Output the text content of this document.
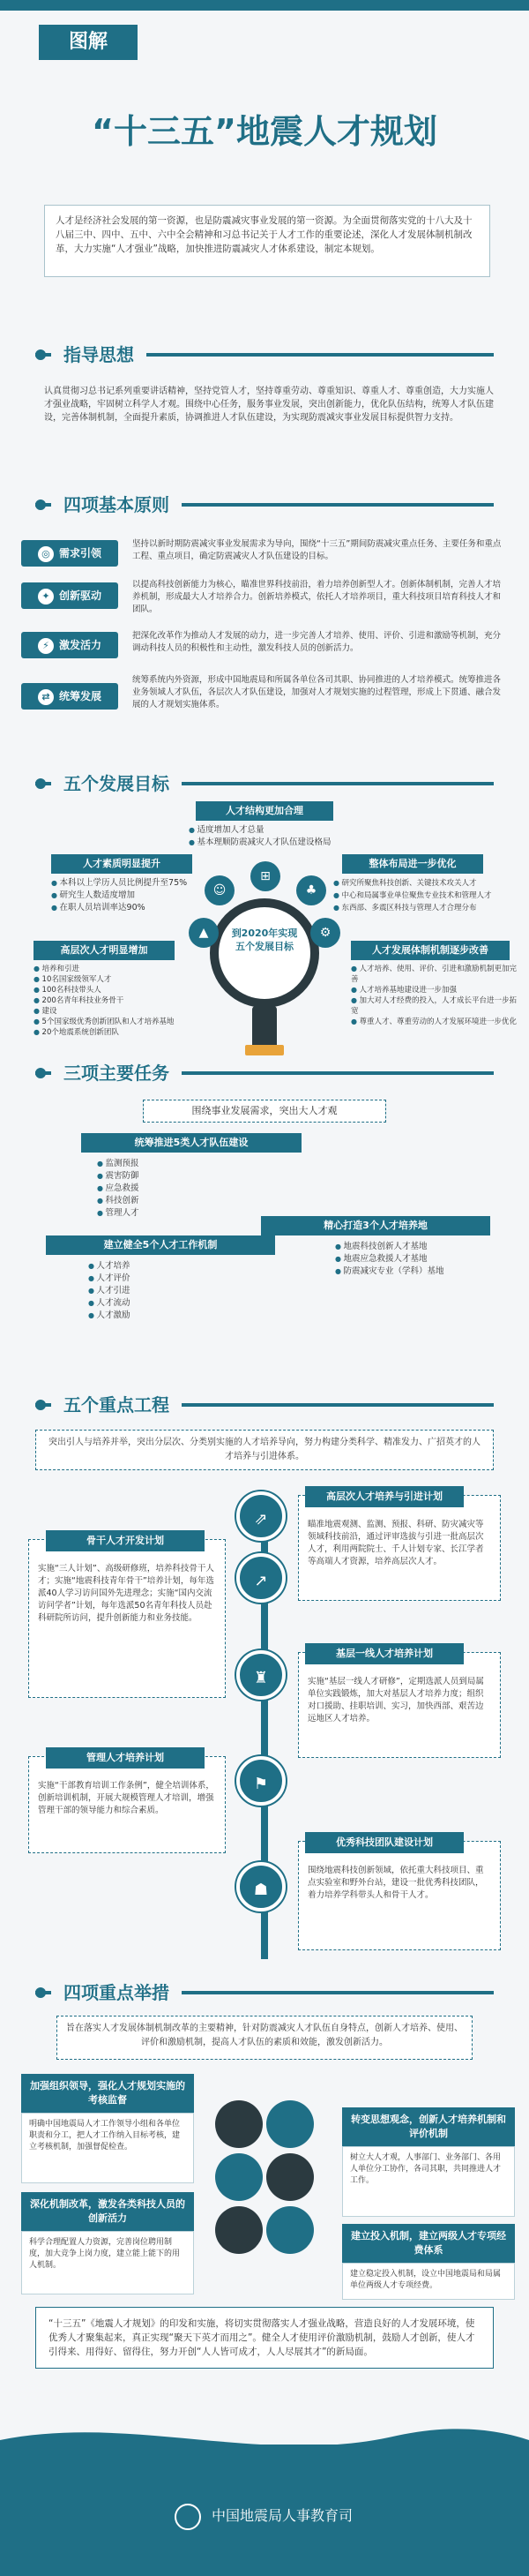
图解
“十三五”地震人才规划
人才是经济社会发展的第一资源，也是防震减灾事业发展的第一资源。为全面贯彻落实党的十八大及十八届三中、四中、五中、六中全会精神和习总书记关于人才工作的重要论述，深化人才发展体制机制改革，大力实施“人才强业”战略，加快推进防震减灾人才体系建设，制定本规划。
指导思想
认真贯彻习总书记系列重要讲话精神，坚持党管人才，坚持尊重劳动、尊重知识、尊重人才、尊重创造，大力实施人才强业战略，牢固树立科学人才观。围绕中心任务，服务事业发展，突出创新能力，优化队伍结构，统筹人才队伍建设，完善体制机制，全面提升素质，协调推进人才队伍建设，为实现防震减灾事业发展目标提供智力支持。
四项基本原则
◎ 需求引领
坚持以新时期防震减灾事业发展需求为导向，围绕“十三五”期间防震减灾重点任务、主要任务和重点工程、重点项目，确定防震减灾人才队伍建设的目标。
✦ 创新驱动
以提高科技创新能力为核心，瞄准世界科技前沿，着力培养创新型人才。创新体制机制，完善人才培养机制，形成最大人才培养合力。创新培养模式，依托人才培养项目，重大科技项目培育科技人才和团队。
⚡ 激发活力
把深化改革作为推动人才发展的动力，进一步完善人才培养、使用、评价、引进和激励等机制，充分调动科技人员的积极性和主动性，激发科技人员的创新活力。
⇄ 统筹发展
统筹系统内外资源，形成中国地震局和所属各单位各司其职、协同推进的人才培养模式。统筹推进各业务领域人才队伍，各层次人才队伍建设，加强对人才规划实施的过程管理，形成上下贯通、融合发展的人才规划实施体系。
五个发展目标
人才结构更加合理
● 适度增加人才总量
● 基本理顺防震减灾人才队伍建设格局
人才素质明显提升
● 本科以上学历人员比例提升至75%
● 研究生人数适度增加
● 在职人员培训率达90%
整体布局进一步优化
● 研究所聚焦科技创新、关键技术攻关人才
● 中心和局属事业单位聚焦专业技术和管理人才
● 东西部、多震区科技与管理人才合理分布
高层次人才明显增加
● 培养和引进
● 10名国家级领军人才
● 100名科技带头人
● 200名青年科技业务骨干
● 建设
● 5个国家级优秀创新团队和人才培养基地
● 20个地震系统创新团队
人才发展体制机制逐步改善
● 人才培养、使用、评价、引进和激励机制更加完善
● 人才培养基地建设进一步加强
● 加大对人才经费的投入，人才成长平台进一步拓宽
● 尊重人才、尊重劳动的人才发展环境进一步优化
到2020年实现五个发展目标
☺
⊞
♣
▲	⚙
三项主要任务
围绕事业发展需求，突出大人才观
统筹推进5类人才队伍建设
● 监测预报
● 震害防御
● 应急救援
● 科技创新
● 管理人才
精心打造3个人才培养地
● 地震科技创新人才基地
● 地震应急救援人才基地
● 防震减灾专业（学科）基地
建立健全5个人才工作机制
● 人才培养
● 人才评价
● 人才引进
● 人才流动
● 人才激励
五个重点工程
突出引人与培养并举，突出分层次、分类别实施的人才培养导向，努力构建分类科学、精准发力、广招英才的人才培养与引进体系。
⇗	瞄准地震观测、监测、预报、科研、防灾减灾等领域科技前沿，通过评审选拔与引进一批高层次人才，利用两院院士、千人计划专家、长江学者等高端人才资源，培养高层次人才。
高层次人才培养与引进计划
↗
实施“三人计划”、高级研修班，培养科技骨干人才；实施“地震科技青年骨干”培养计划，每年选派40人学习访问国外先进理念；实施“国内交流访问学者”计划，每年选派50名青年科技人员赴科研院所访问，提升创新能力和业务技能。
骨干人才开发计划
♜	实施“基层一线人才研修”，定期选派人员到局属单位实践锻炼，加大对基层人才培养力度；组织对口援助、挂职培训、实习，加快西部、艰苦边远地区人才培养。
基层一线人才培养计划
⚑
实施“干部教育培训工作条例”，健全培训体系，创新培训机制，开展大规模管理人才培训，增强管理干部的领导能力和综合素质。
管理人才培养计划
☗
围绕地震科技创新领域，依托重大科技项目、重点实验室和野外台站，建设一批优秀科技团队，着力培养学科带头人和骨干人才。
优秀科技团队建设计划
四项重点举措
旨在落实人才发展体制机制改革的主要精神，针对防震减灾人才队伍自身特点，创新人才培养、使用、评价和激励机制，提高人才队伍的素质和效能，激发创新活力。
加强组织领导，强化人才规划实施的考核监督
明确中国地震局人才工作领导小组和各单位职责和分工，把人才工作纳入目标考核，建立考核机制，加强督促检查。
转变思想观念，创新人才培养机制和评价机制
树立大人才观，人事部门、业务部门、各用人单位分工协作，各司其职，共同推进人才工作。
深化机制改革，激发各类科技人员的创新活力
科学合理配置人力资源，完善岗位聘用制度，加大竞争上岗力度，建立能上能下的用人机制。
建立投入机制，建立两级人才专项经费体系
建立稳定投入机制，设立中国地震局和局属单位两级人才专项经费。
“十三五”《地震人才规划》的印发和实施，将切实贯彻落实人才强业战略，营造良好的人才发展环境，使优秀人才聚集起来，真正实现“聚天下英才而用之”。健全人才使用评价激励机制，鼓励人才创新，使人才引得来、用得好、留得住，努力开创“人人皆可成才，人人尽展其才”的新局面。
中国地震局人事教育司
